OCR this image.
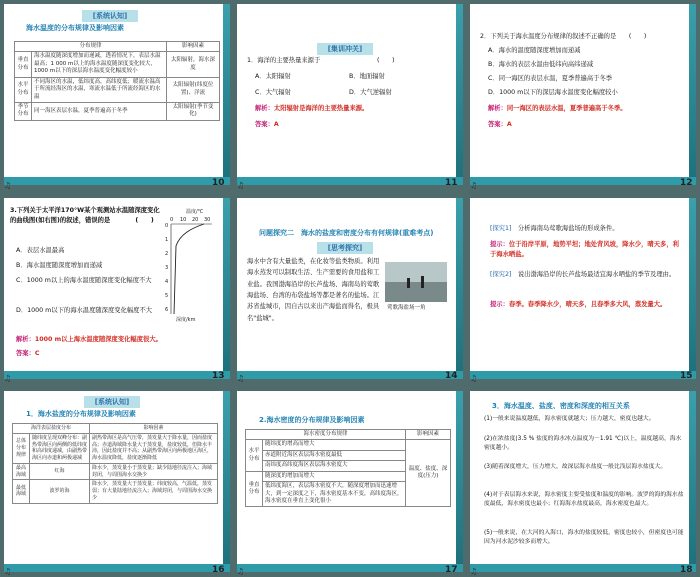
[系统认知]
海水温度的分布规律及影响因素
分布规律		影响因素
垂直分布	海水温度随深度增加而递减，透着情况下，表层水温最高；1 000 m以上的海水温度随深度变化较大，1000 m以下的深层海水温度变化幅度较小	太阳辐射，海水深度
水平分布	不同海区的水温，低纬度高，高纬度低；暖流水温高于所流经海区的水温，寒流水温低于所流经海区的水温	太阳辐射(纬度位置)、洋流
季节分布	同一海区表层水温，夏季普遍高于冬季	太阳辐射(季节变化)
♫	10
[集训冲关]
1．海洋的主要热量来源于　　　　　　　　　(　　)
A．太阳辐射	B．地面辐射
C．大气辐射	D．大气逆辐射
解析：太阳辐射是海洋的主要热量来源。
答案：A
♫	11
2．下列关于海水温度分布规律的叙述不正确的是　　(　　)
A．海水的温度随深度增加而递减
B．海水的表层水温由低纬向高纬递减
C．同一海区的表层水温，夏季普遍高于冬季
D．1000 m以下的深层海水温度变化幅度较小
解析：同一海区的表层水温，夏季普遍高于冬季。
答案：A
♫	12
3.下列关于太平洋170°W某个观测站水温随深度变化的曲线图(如右图)的叙述，错误的是　　　　(　　)
A．表层水温最高
B．海水温度随深度增加而递减
C．1000 m以上的海水温度随深度变化幅度不大
D．1000 m以下的海水温度随深度变化幅度不大
解析：1000 m以上海水温度随深度变化幅度很大。
答案：C
温度/℃
0 10 20 30
0
1
2
3
4
5
6
深度/km
♫	13
问题探究二　海水的盐度和密度分布有何规律(重难考点)
[思考探究]
海水中含有大量盐类，在化妆等盐类物质。利用海水蒸发可以制取生活、生产需要的食用盐和工业盐。我国渤海沿岸的长芦盐场、海南岛的莺歌海盐场、台湾的布袋盐场等都是著名的盐场。江苏省盐城市，因自古以来出产海盐而得名，极具名"盐城"。
莺歌海盐场一角
♫	14
[探究1]　 分析海南岛莺歌海盐场的形成条件。
提示：位于沿岸平原，地势平坦；地处背风坡，降水少，晴天多，利于海水晒盐。
[探究2]　 说出渤海沿岸的长芦盐场最适宜海水晒盐的季节及理由。
提示：春季。春季降水少，晴天多，且春季多大风，蒸发量大。
♫	15
[系统认知]
1．海水盐度的分布规律及影响因素
海洋表层盐度分布		影响因素
总体分布规律	随纬度呈现双峰分布：副热带海区向两侧的低纬度和高纬度递减，由副热带海区向赤道和两极递减	副热带海区是高气压带，蒸发量大于降水量，因而盐度高；赤道海域降水量大于蒸发量，盐度较低，但降水丰沛，因此盐度并不高；从副热带海区向两极地区海区，海水温度降低，盐度逐渐降低
最高海域	红海	降水少，蒸发量小于蒸发量；缺少陆地径流注入；海域封闭，与周围海水交换少
最低海域	波罗的海	降水少，蒸发量大于蒸发量；纬度较高，气温低，蒸发弱；有大量陆地径流注入；海域封闭，与周围海水交换少
♫	16
2.海水密度的分布规律及影响因素
海水密度分布规律		影响因素
水平分布	随纬度的增高而增大	温度、盐度、深度(压力)
	赤道附近海区表层海水密度最低	
	南纬度高纬度海区表层海水密度大	
垂直分布	随深度的增加而增大	
	低纬度海区，表层海水密度不大，随深度增加而迅速增大，到一定深度之下，海水密度基本不变，高纬度海区，海水密度在垂直上变化很小	
♫	17
3．海水温度、盐度、密度和深度的相互关系
(1)一般来说温度越低，海水密度就越大；压力越大，密度也越大。
(2)在浓盐度(3.5 % 盐度的海水冰点温度为－1.91 ℃)以上，温度越高，海水密度越小。
(3)随着深度增大，压力增大，故深层海水盐度一般比浅层海水盐度大。
(4)对于表层海水来说，海水密度主要受盐度和温度的影响。波罗的海的海水盐度最低，海水密度也最小；红海海水盐度最高，海水密度也最大。
(5)一般来说，在大河的入海口，海水的盐度较低，密度也较小，但密度也可能因为河水泥沙较多而增大。
♫	18
